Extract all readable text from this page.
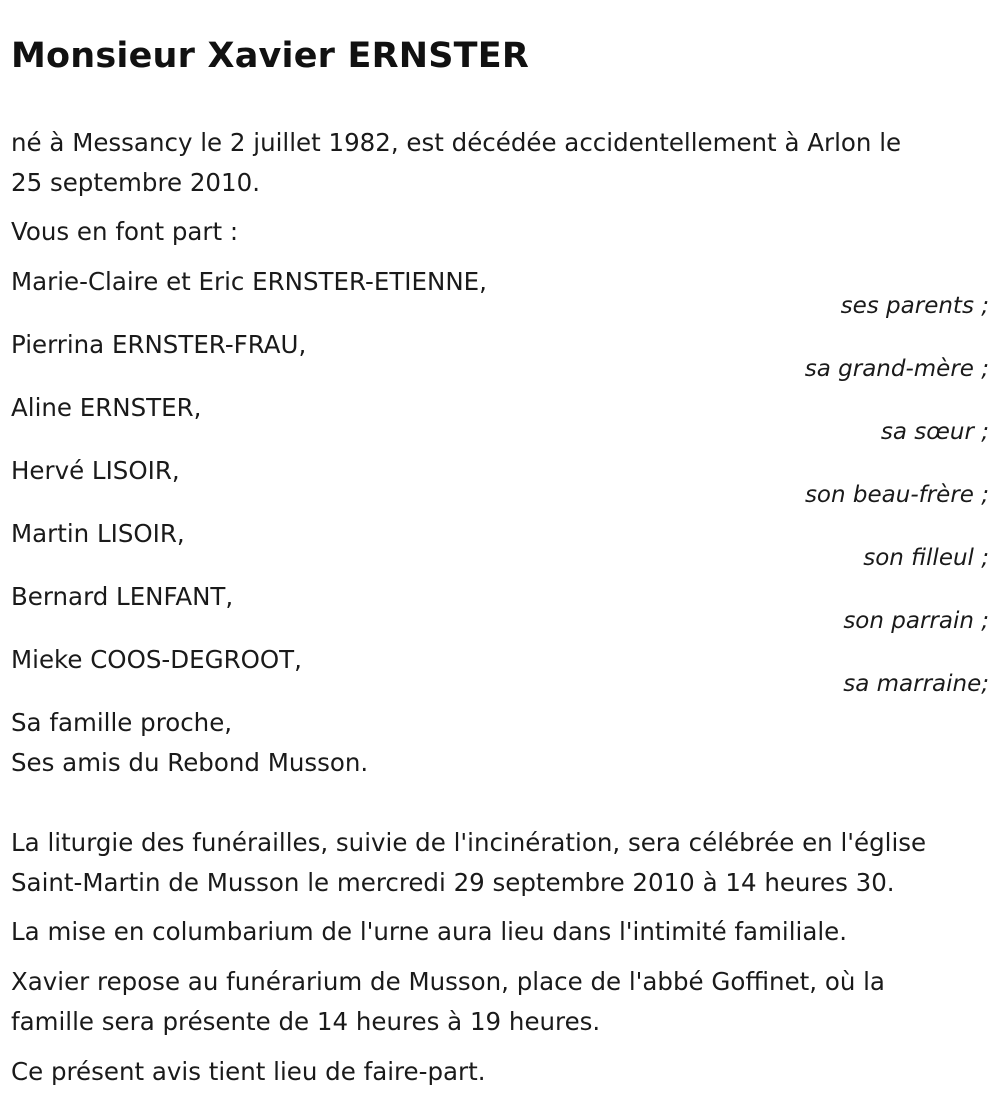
Monsieur Xavier ERNSTER

né à Messancy le 2 juillet 1982, est décédée accidentellement à Arlon le

25 septembre 2010.

Vous en font part :

Marie-Claire et Eric ERNSTER-ETIENNE,

ses parents ;

Pierrina ERNSTER-FRAU,

sa grand-mère ;

Aline ERNSTER,

sa sœur ;

Hervé LISOIR,

son beau-frère ;

Martin LISOIR,

son filleul ;

Bernard LENFANT,

son parrain ;

Mieke COOS-DEGROOT,

sa marraine;

Sa famille proche,

Ses amis du Rebond Musson.

La liturgie des funérailles, suivie de l'incinération, sera célébrée en l'église

Saint-Martin de Musson le mercredi 29 septembre 2010 à 14 heures 30.

La mise en columbarium de l'urne aura lieu dans l'intimité familiale.

Xavier repose au funérarium de Musson, place de l'abbé Goffinet, où la

famille sera présente de 14 heures à 19 heures.

Ce présent avis tient lieu de faire-part.
